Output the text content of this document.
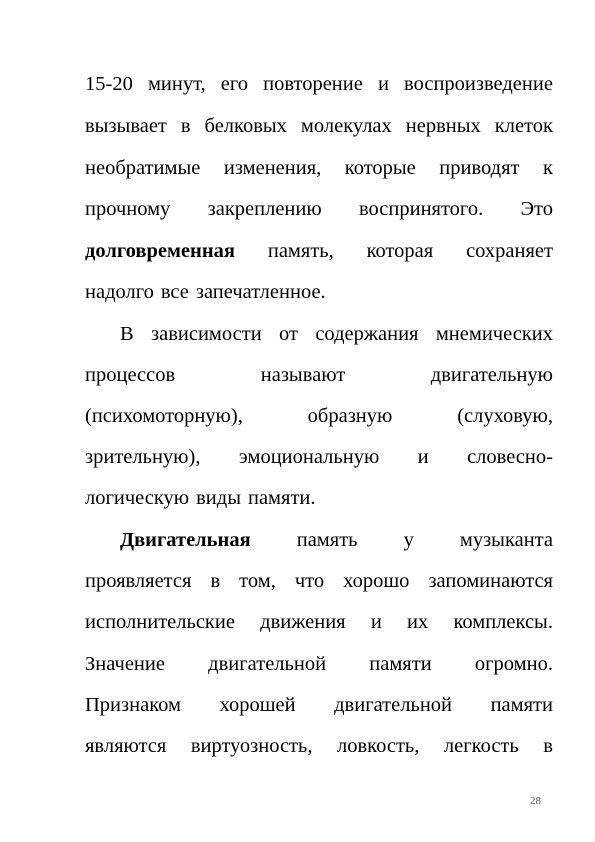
15-20 минут, его повторение и воспроизведение
вызывает в белковых молекулах нервных клеток
необратимые изменения, которые приводят к
прочному закреплению воспринятого. Это
долговременная память, которая сохраняет
надолго все запечатленное.
В зависимости от содержания мнемических
процессов	называют	двигательную
(психомоторную),	образную	(слуховую,
зрительную), эмоциональную и словесно-
логическую виды памяти.
Двигательная память у музыканта
проявляется в том, что хорошо запоминаются
исполнительские движения и их комплексы.
Значение двигательной памяти огромно.
Признаком хорошей двигательной памяти
являются виртуозность, ловкость, легкость в
28
